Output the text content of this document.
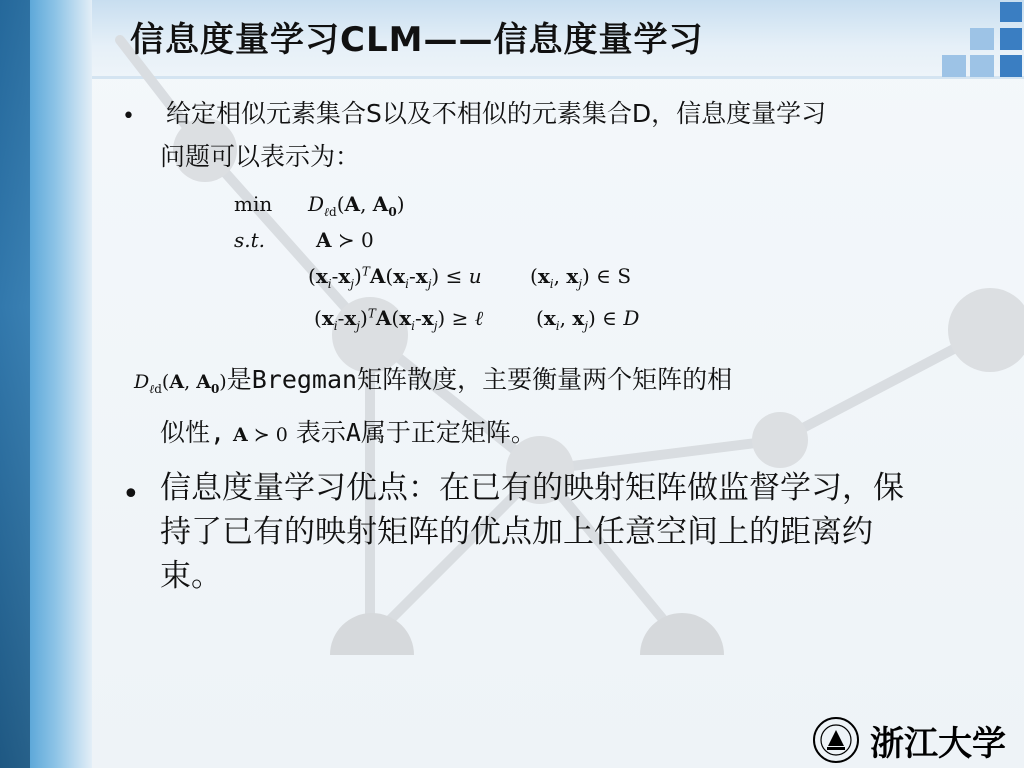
信息度量学习CLM——信息度量学习
• 给定相似元素集合S以及不相似的元素集合D，信息度量学习
问题可以表示为：
$\min D_{\ell d}(A$, $A_0$)
s.t.	A ≻ 0
$(x_i-x_j)^TA(x_i-x_j) \le u$ ($x_i$, $x_j$) ∈ S
$(x_i-x_j)^TA(x_i-x_j)$ ≥ ℓ	($x_i$, $x_j$) ∈ D
$D_{\ell d}(A$, $A_0$)是Bregman矩阵散度，主要衡量两个矩阵的相
似性, A ≻ 0 表示A属于正定矩阵。
• 信息度量学习优点：在已有的映射矩阵做监督学习，保持了已有的映射矩阵的优点加上任意空间上的距离约束。
浙江大学
